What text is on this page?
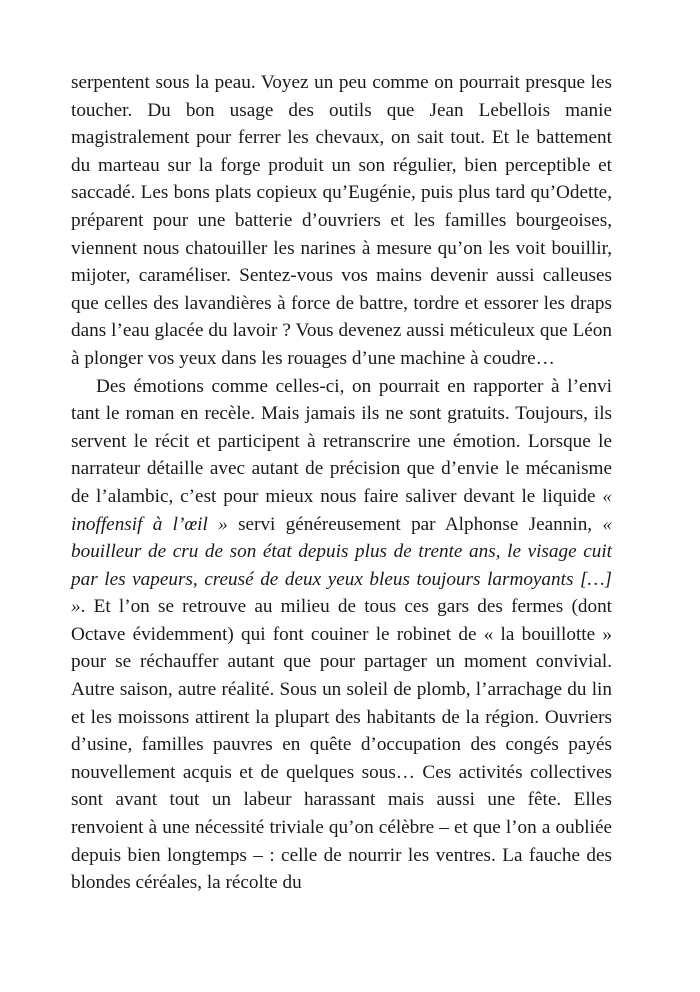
serpentent sous la peau. Voyez un peu comme on pourrait presque les toucher. Du bon usage des outils que Jean Lebellois manie magistralement pour ferrer les chevaux, on sait tout. Et le battement du marteau sur la forge produit un son régulier, bien perceptible et saccadé. Les bons plats copieux qu’Eugénie, puis plus tard qu’Odette, préparent pour une batterie d’ouvriers et les familles bourgeoises, viennent nous chatouiller les narines à mesure qu’on les voit bouillir, mijoter, caraméliser. Sentez-vous vos mains devenir aussi calleuses que celles des lavandières à force de battre, tordre et essorer les draps dans l’eau glacée du lavoir ? Vous devenez aussi méticuleux que Léon à plonger vos yeux dans les rouages d’une machine à coudre…

Des émotions comme celles-ci, on pourrait en rapporter à l’envi tant le roman en recèle. Mais jamais ils ne sont gratuits. Toujours, ils servent le récit et participent à retranscrire une émotion. Lorsque le narrateur détaille avec autant de précision que d’envie le mécanisme de l’alambic, c’est pour mieux nous faire saliver devant le liquide « inoffensif à l’œil » servi généreusement par Alphonse Jeannin, « bouilleur de cru de son état depuis plus de trente ans, le visage cuit par les vapeurs, creusé de deux yeux bleus toujours larmoyants […] ». Et l’on se retrouve au milieu de tous ces gars des fermes (dont Octave évidemment) qui font couiner le robinet de « la bouillotte » pour se réchauffer autant que pour partager un moment convivial. Autre saison, autre réalité. Sous un soleil de plomb, l’arrachage du lin et les moissons attirent la plupart des habitants de la région. Ouvriers d’usine, familles pauvres en quête d’occupation des congés payés nouvellement acquis et de quelques sous… Ces activités collectives sont avant tout un labeur harassant mais aussi une fête. Elles renvoient à une nécessité triviale qu’on célèbre – et que l’on a oubliée depuis bien longtemps – : celle de nourrir les ventres. La fauche des blondes céréales, la récolte du
